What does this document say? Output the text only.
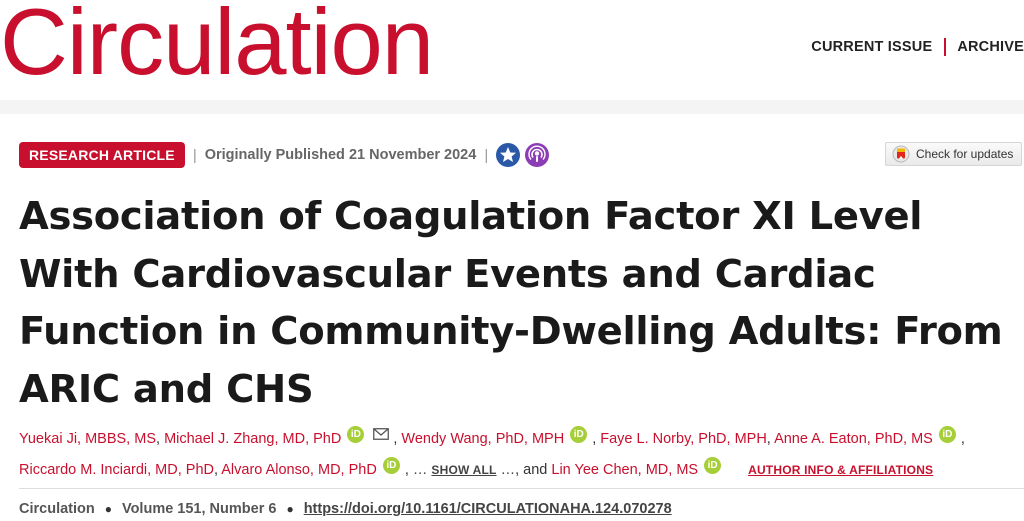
Circulation	CURRENT ISSUE ARCHIVE
RESEARCH ARTICLE	| Originally Published 21 November 2024 |	Check for updates
Association of Coagulation Factor XI Level With Cardiovascular Events and Cardiac Function in Community-Dwelling Adults: From ARIC and CHS
Yuekai Ji, MBBS, MS, Michael J. Zhang, MD, PhD iD , Wendy Wang, PhD, MPH iD , Faye L. Norby, PhD, MPH, Anne A. Eaton, PhD, MS iD ,
Riccardo M. Inciardi, MD, PhD, Alvaro Alonso, MD, PhD iD , … SHOW ALL …, and Lin Yee Chen, MD, MS iD	AUTHOR INFO & AFFILIATIONS
Circulation ● Volume 151, Number 6 ● https://doi.org/10.1161/CIRCULATIONAHA.124.070278
